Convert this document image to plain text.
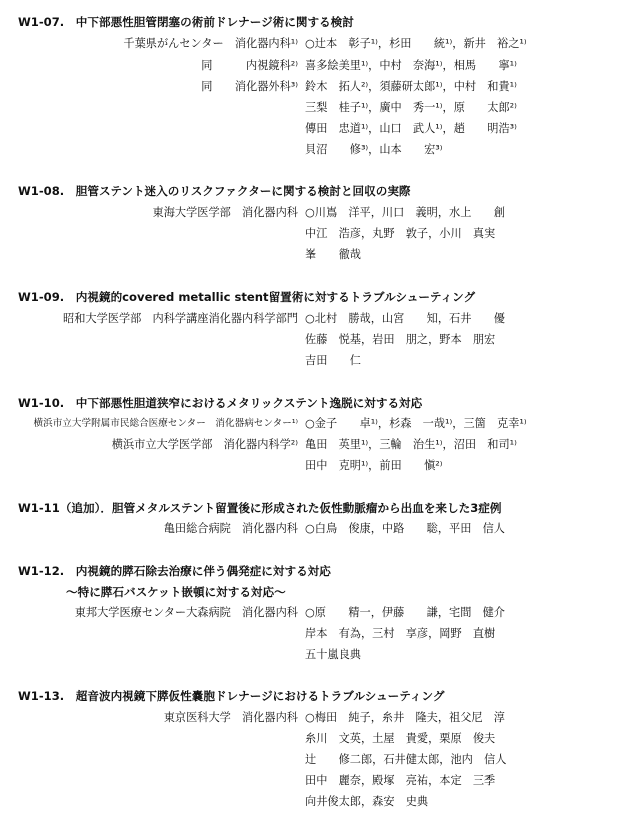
W1-07.　中下部悪性胆管閉塞の術前ドレナージ術に関する検討
千葉県がんセンター　消化器内科¹⁾
同　　　内視鏡科²⁾
同　　消化器外科³⁾
○辻本　彰子¹⁾，杉田　　統¹⁾，新井　裕之¹⁾
喜多絵美里¹⁾，中村　奈海¹⁾，相馬　　寧¹⁾
鈴木　拓人²⁾，須藤研太郎¹⁾，中村　和貴¹⁾
三梨　桂子¹⁾，廣中　秀一¹⁾，原　　太郎²⁾
傳田　忠道¹⁾，山口　武人¹⁾，趙　　明浩³⁾
貝沼　　修³⁾，山本　　宏³⁾
W1-08.　胆管ステント迷入のリスクファクターに関する検討と回収の実際
東海大学医学部　消化器内科 ○川嶌　洋平，川口　義明，水上　　創
中江　浩彦，丸野　敦子，小川　真実
峯　　徹哉
W1-09.　内視鏡的covered metallic stent留置術に対するトラブルシューティング
昭和大学医学部　内科学講座消化器内科学部門 ○北村　勝哉，山宮　　知，石井　　優
佐藤　悦基，岩田　朋之，野本　朋宏
吉田　　仁
W1-10.　中下部悪性胆道狭窄におけるメタリックステント逸脱に対する対応
横浜市立大学附属市民総合医療センター　消化器病センター¹⁾
横浜市立大学医学部　消化器内科学²⁾
○金子　　卓¹⁾，杉森　一哉¹⁾，三箇　克幸¹⁾
亀田　英里¹⁾，三輪　治生¹⁾，沼田　和司¹⁾
田中　克明¹⁾，前田　　愼²⁾
W1-11（追加）．胆管メタルステント留置後に形成された仮性動脈瘤から出血を来した3症例
亀田総合病院　消化器内科 ○白鳥　俊康，中路　　聡，平田　信人
W1-12.　内視鏡的膵石除去治療に伴う偶発症に対する対応
～特に膵石バスケット嵌頓に対する対応～
東邦大学医療センター大森病院　消化器内科 ○原　　精一，伊藤　　謙，宅間　健介
岸本　有為，三村　享彦，岡野　直樹
五十嵐良典
W1-13.　超音波内視鏡下膵仮性嚢胞ドレナージにおけるトラブルシューティング
東京医科大学　消化器内科 ○梅田　純子，糸井　隆夫，祖父尼　淳
糸川　文英，土屋　貴愛，栗原　俊夫
辻　　修二郎，石井健太郎，池内　信人
田中　麗奈，殿塚　亮祐，本定　三季
向井俊太郎，森安　史典
